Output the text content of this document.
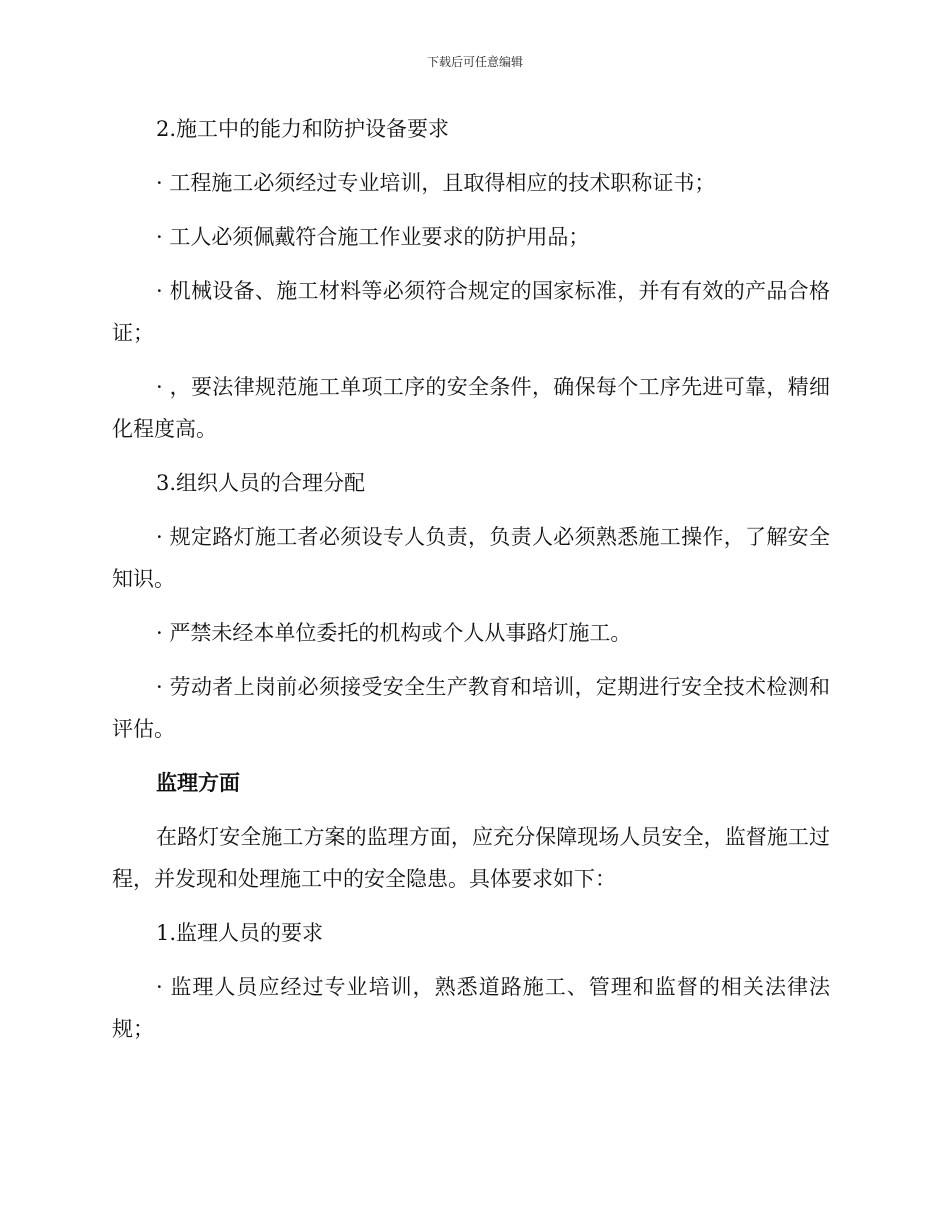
下载后可任意编辑

2.施工中的能力和防护设备要求

· 工程施工必须经过专业培训，且取得相应的技术职称证书；

· 工人必须佩戴符合施工作业要求的防护用品；

· 机械设备、施工材料等必须符合规定的国家标准，并有有效的产品合格证；

· ，要法律规范施工单项工序的安全条件，确保每个工序先进可靠，精细化程度高。

3.组织人员的合理分配

· 规定路灯施工者必须设专人负责，负责人必须熟悉施工操作，了解安全知识。

· 严禁未经本单位委托的机构或个人从事路灯施工。

· 劳动者上岗前必须接受安全生产教育和培训，定期进行安全技术检测和评估。

监理方面

在路灯安全施工方案的监理方面，应充分保障现场人员安全，监督施工过程，并发现和处理施工中的安全隐患。具体要求如下：

1.监理人员的要求

· 监理人员应经过专业培训，熟悉道路施工、管理和监督的相关法律法规；
